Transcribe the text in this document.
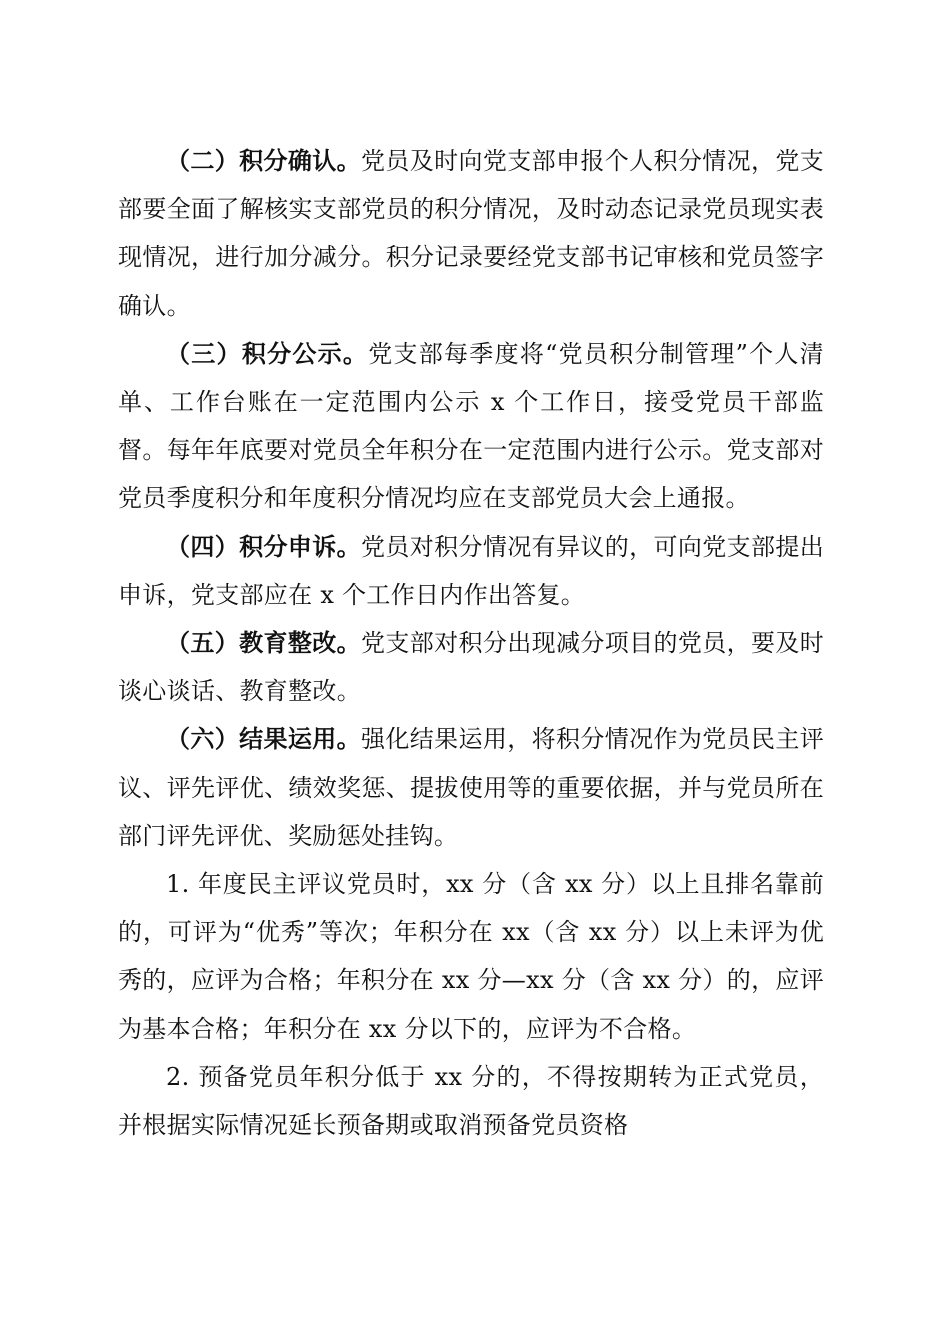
（二）积分确认。党员及时向党支部申报个人积分情况，党支部要全面了解核实支部党员的积分情况，及时动态记录党员现实表现情况，进行加分减分。积分记录要经党支部书记审核和党员签字确认。

（三）积分公示。党支部每季度将“党员积分制管理”个人清单、工作台账在一定范围内公示 x 个工作日，接受党员干部监督。每年年底要对党员全年积分在一定范围内进行公示。党支部对党员季度积分和年度积分情况均应在支部党员大会上通报。

（四）积分申诉。党员对积分情况有异议的，可向党支部提出申诉，党支部应在 x 个工作日内作出答复。

（五）教育整改。党支部对积分出现减分项目的党员，要及时谈心谈话、教育整改。

（六）结果运用。强化结果运用，将积分情况作为党员民主评议、评先评优、绩效奖惩、提拔使用等的重要依据，并与党员所在部门评先评优、奖励惩处挂钩。

1. 年度民主评议党员时，xx 分（含 xx 分）以上且排名靠前的，可评为“优秀”等次；年积分在 xx（含 xx 分）以上未评为优秀的，应评为合格；年积分在 xx 分—xx 分（含 xx 分）的，应评为基本合格；年积分在 xx 分以下的，应评为不合格。

2. 预备党员年积分低于 xx 分的，不得按期转为正式党员，并根据实际情况延长预备期或取消预备党员资格
